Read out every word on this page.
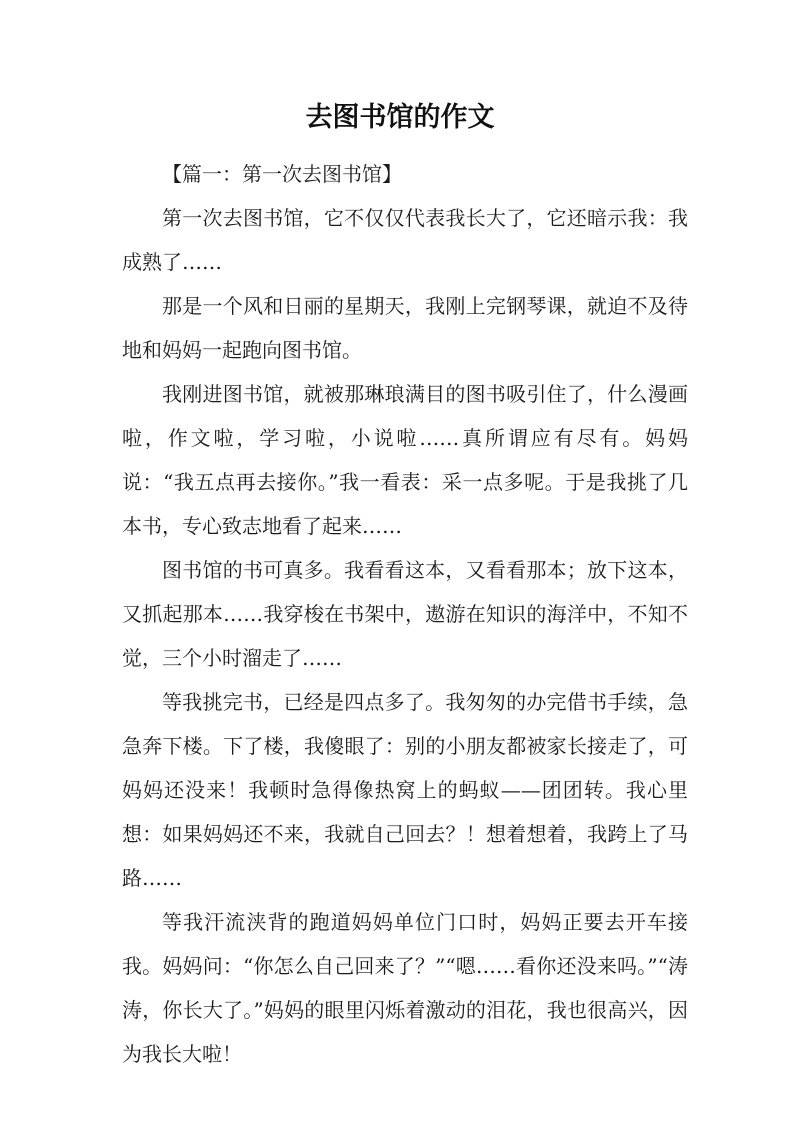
去图书馆的作文

【篇一：第一次去图书馆】

第一次去图书馆，它不仅仅代表我长大了，它还暗示我：我成熟了……

那是一个风和日丽的星期天，我刚上完钢琴课，就迫不及待地和妈妈一起跑向图书馆。

我刚进图书馆，就被那琳琅满目的图书吸引住了，什么漫画啦，作文啦，学习啦，小说啦……真所谓应有尽有。妈妈说：“我五点再去接你。”我一看表：采一点多呢。于是我挑了几本书，专心致志地看了起来……

图书馆的书可真多。我看看这本，又看看那本；放下这本，又抓起那本……我穿梭在书架中，遨游在知识的海洋中，不知不觉，三个小时溜走了……

等我挑完书，已经是四点多了。我匆匆的办完借书手续，急急奔下楼。下了楼，我傻眼了：别的小朋友都被家长接走了，可妈妈还没来！我顿时急得像热窝上的蚂蚁——团团转。我心里想：如果妈妈还不来，我就自己回去？！想着想着，我跨上了马路……

等我汗流浃背的跑道妈妈单位门口时，妈妈正要去开车接我。妈妈问：“你怎么自己回来了？”“嗯……看你还没来吗。”“涛涛，你长大了。”妈妈的眼里闪烁着激动的泪花，我也很高兴，因为我长大啦！
